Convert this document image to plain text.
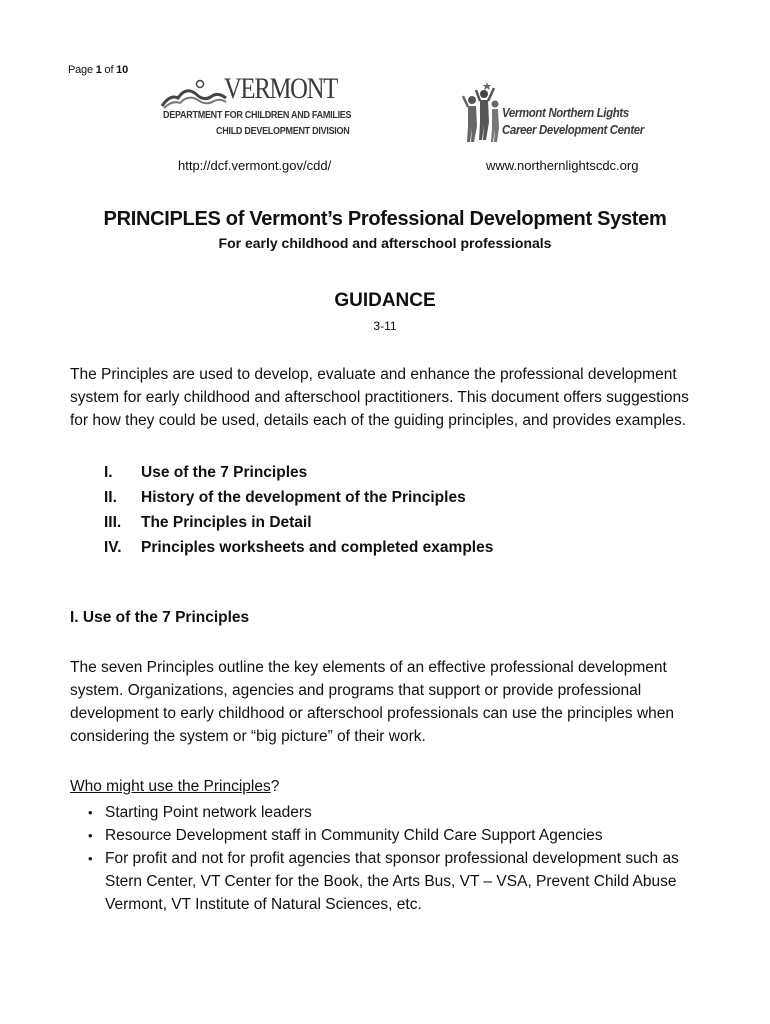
Page 1 of 10
VERMONT
DEPARTMENT FOR CHILDREN AND FAMILIES
CHILD DEVELOPMENT DIVISION
Vermont Northern Lights
Career Development Center
http://dcf.vermont.gov/cdd/	www.northernlightscdc.org
PRINCIPLES of Vermont’s Professional Development System
For early childhood and afterschool professionals
GUIDANCE
3-11
The Principles are used to develop, evaluate and enhance the professional development system for early childhood and afterschool practitioners. This document offers suggestions for how they could be used, details each of the guiding principles, and provides examples.
I.	Use of the 7 Principles
II.	History of the development of the Principles
III.	The Principles in Detail
IV.	Principles worksheets and completed examples
I. Use of the 7 Principles
The seven Principles outline the key elements of an effective professional development system. Organizations, agencies and programs that support or provide professional development to early childhood or afterschool professionals can use the principles when considering the system or “big picture” of their work.
Who might use the Principles?
• Starting Point network leaders
• Resource Development staff in Community Child Care Support Agencies
• For profit and not for profit agencies that sponsor professional development such as Stern Center, VT Center for the Book, the Arts Bus, VT – VSA, Prevent Child Abuse Vermont, VT Institute of Natural Sciences, etc.
